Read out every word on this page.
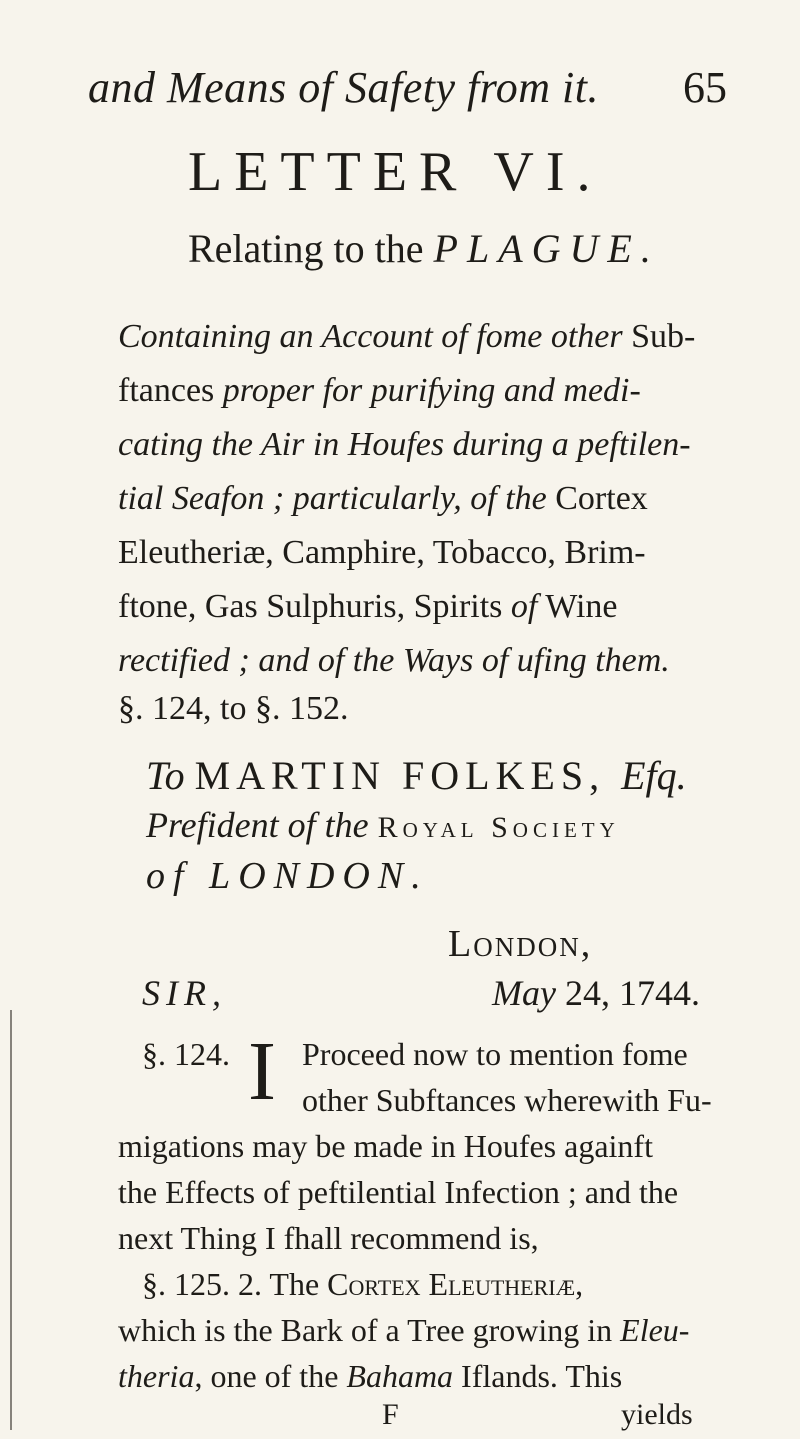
and Means of Safety from it. 65
LETTER VI.
Relating to the PLAGUE.
Containing an Account of fome other Sub-
ftances proper for purifying and medi-
cating the Air in Houfes during a peftilen-
tial Seafon ; particularly, of the Cortex
Eleutheriæ, Camphire, Tobacco, Brim-
ftone, Gas Sulphuris, Spirits of Wine
rectified ; and of the Ways of ufing them.
§. 124, to §. 152.
To MARTIN FOLKES, Efq.
Prefident of the Royal Society
of LONDON.
London,
SIR,	May 24, 1744.
§. 124. I Proceed now to mention fome
other Subftances wherewith Fu-
migations may be made in Houfes againft
the Effects of peftilential Infection ; and the
next Thing I fhall recommend is,
§. 125. 2. The Cortex Eleutheriæ,
which is the Bark of a Tree growing in Eleu-
theria, one of the Bahama Iflands. This
F	yields
